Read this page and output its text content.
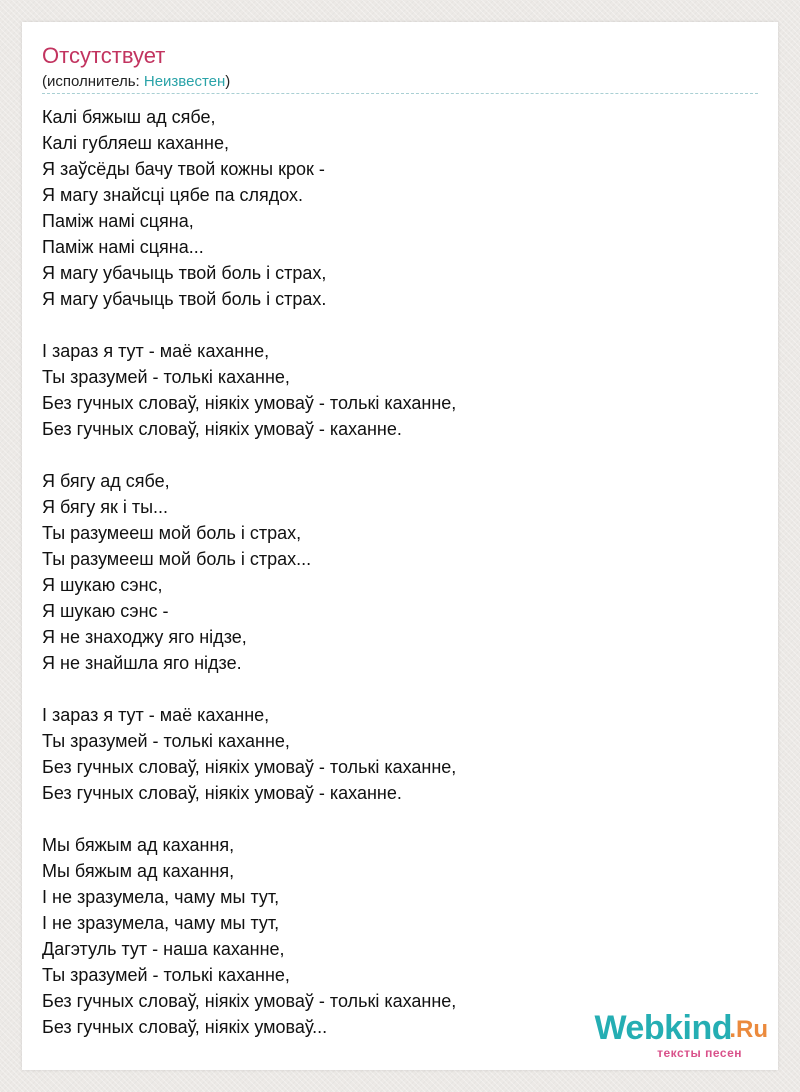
Отсутствует
(исполнитель: Неизвестен)
Калі бяжыш ад сябе,
Калі губляеш каханне,
Я заўсёды бачу твой кожны крок -
Я магу знайсці цябе па слядох.
Паміж намі сцяна,
Паміж намі сцяна...
Я магу убачыць твой боль і страх,
Я магу убачыць твой боль і страх.
І зараз я тут - маё каханне,
Ты зразумей - толькі каханне,
Без гучных словаў, ніякіх умоваў - толькі каханне,
Без гучных словаў, ніякіх умоваў - каханне.
Я бягу ад сябе,
Я бягу як і ты...
Ты разумееш мой боль і страх,
Ты разумееш мой боль і страх...
Я шукаю сэнс,
Я шукаю сэнс -
Я не знаходжу яго нідзе,
Я не знайшла яго нідзе.
І зараз я тут - маё каханне,
Ты зразумей - толькі каханне,
Без гучных словаў, ніякіх умоваў - толькі каханне,
Без гучных словаў, ніякіх умоваў - каханне.
Мы бяжым ад кахання,
Мы бяжым ад кахання,
І не зразумела, чаму мы тут,
І не зразумела, чаму мы тут,
Дагэтуль тут - наша каханне,
Ты зразумей - толькі каханне,
Без гучных словаў, ніякіх умоваў - толькі каханне,
Без гучных словаў, ніякіх умоваў...	Webkind
.Ru
тексты песен
